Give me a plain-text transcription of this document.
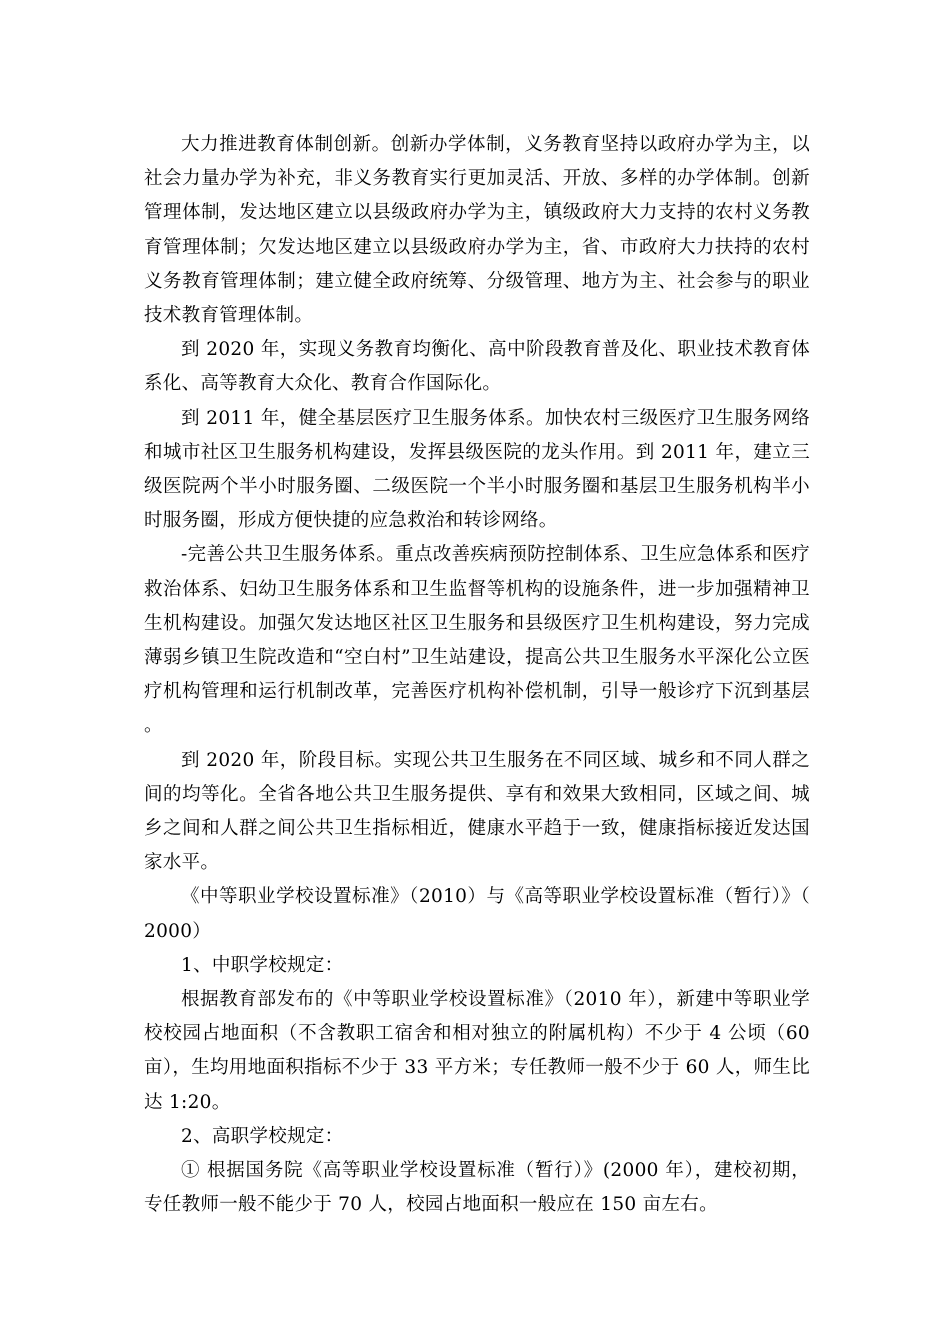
大力推进教育体制创新。创新办学体制，义务教育坚持以政府办学为主，以社会力量办学为补充，非义务教育实行更加灵活、开放、多样的办学体制。创新管理体制，发达地区建立以县级政府办学为主，镇级政府大力支持的农村义务教育管理体制；欠发达地区建立以县级政府办学为主，省、市政府大力扶持的农村义务教育管理体制；建立健全政府统筹、分级管理、地方为主、社会参与的职业技术教育管理体制。

到 2020 年，实现义务教育均衡化、高中阶段教育普及化、职业技术教育体系化、高等教育大众化、教育合作国际化。

到 2011 年，健全基层医疗卫生服务体系。加快农村三级医疗卫生服务网络和城市社区卫生服务机构建设，发挥县级医院的龙头作用。到 2011 年，建立三级医院两个半小时服务圈、二级医院一个半小时服务圈和基层卫生服务机构半小时服务圈，形成方便快捷的应急救治和转诊网络。

-完善公共卫生服务体系。重点改善疾病预防控制体系、卫生应急体系和医疗救治体系、妇幼卫生服务体系和卫生监督等机构的设施条件，进一步加强精神卫生机构建设。加强欠发达地区社区卫生服务和县级医疗卫生机构建设，努力完成薄弱乡镇卫生院改造和“空白村”卫生站建设，提高公共卫生服务水平深化公立医疗机构管理和运行机制改革，完善医疗机构补偿机制，引导一般诊疗下沉到基层。

到 2020 年，阶段目标。实现公共卫生服务在不同区域、城乡和不同人群之间的均等化。全省各地公共卫生服务提供、享有和效果大致相同，区域之间、城乡之间和人群之间公共卫生指标相近，健康水平趋于一致，健康指标接近发达国家水平。

《中等职业学校设置标准》（2010）与《高等职业学校设置标准（暂行）》（2000）

1、中职学校规定：

根据教育部发布的《中等职业学校设置标准》（2010 年），新建中等职业学校校园占地面积（不含教职工宿舍和相对独立的附属机构）不少于 4 公顷（60 亩），生均用地面积指标不少于 33 平方米；专任教师一般不少于 60 人，师生比达 1:20。

2、高职学校规定：

① 根据国务院《高等职业学校设置标准（暂行）》(2000 年），建校初期，专任教师一般不能少于 70 人，校园占地面积一般应在 150 亩左右。
